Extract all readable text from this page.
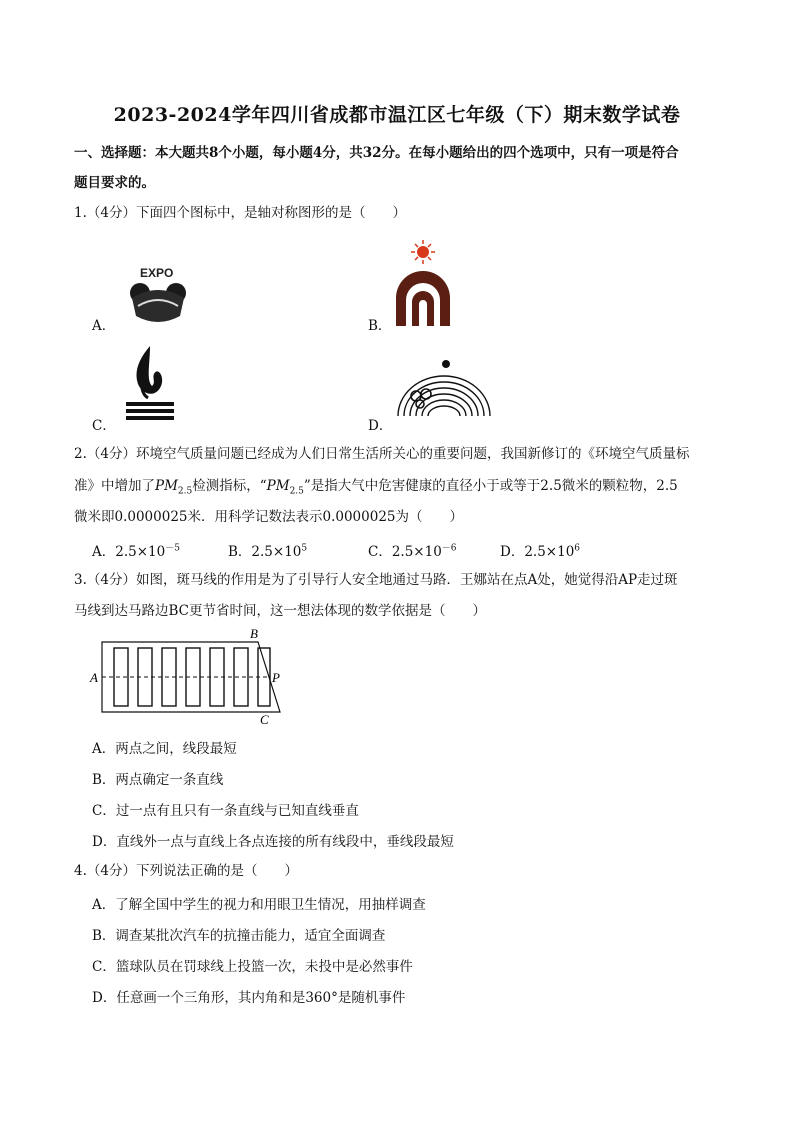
2023-2024学年四川省成都市温江区七年级（下）期末数学试卷
一、选择题：本大题共8个小题，每小题4分，共32分。在每小题给出的四个选项中，只有一项是符合
题目要求的。
1.（4分）下面四个图标中，是轴对称图形的是（　　）
A．
EXPO
B．
C．	D．
2.（4分）环境空气质量问题已经成为人们日常生活所关心的重要问题，我国新修订的《环境空气质量标
准》中增加了$PM_{2.5}$检测指标，“$PM_{2.5}$”是指大气中危害健康的直径小于或等于2.5微米的颗粒物，2.5
微米即0.0000025米．用科学记数法表示0.0000025为（　　）
A．$2.5\times 10^{-5}$	B．$2.5\times 10^5$	C．$2.5\times 10^{-6}$	D．$2.5\times 10^6$
3.（4分）如图，斑马线的作用是为了引导行人安全地通过马路．王娜站在点A处，她觉得沿AP走过斑
马线到达马路边BC更节省时间，这一想法体现的数学依据是（　　）
A
B
C
P
A．两点之间，线段最短
B．两点确定一条直线
C．过一点有且只有一条直线与已知直线垂直
D．直线外一点与直线上各点连接的所有线段中，垂线段最短
4.（4分）下列说法正确的是（　　）
A．了解全国中学生的视力和用眼卫生情况，用抽样调查
B．调查某批次汽车的抗撞击能力，适宜全面调查
C．篮球队员在罚球线上投篮一次，未投中是必然事件
D．任意画一个三角形，其内角和是360°是随机事件
